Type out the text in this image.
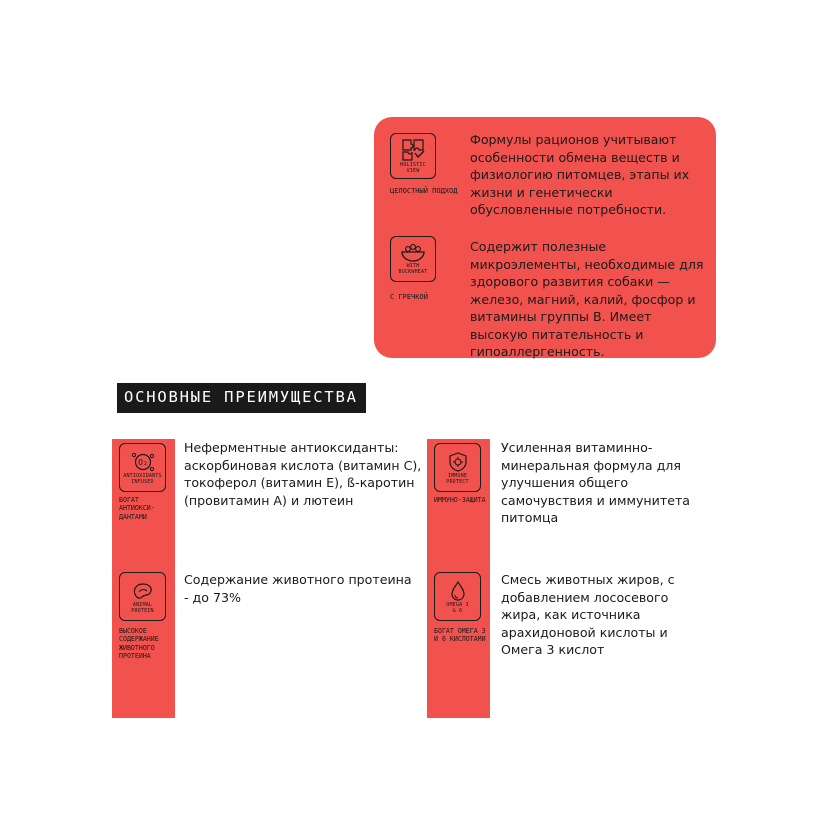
HOLISTIC VIEW
ЦЕЛОСТНЫЙ ПОДХОД
Формулы рационов учитывают особенности обмена веществ и физиологию питомцев, этапы их жизни и генетически обусловленные потребности.
WITH BUCKWHEAT
С ГРЕЧКОЙ
Содержит полезные микроэлементы, необходимые для здорового развития собаки — железо, магний, калий, фосфор и витамины группы В. Имеет высокую питательность и гипоаллергенность.
ОСНОВНЫЕ ПРЕИМУЩЕСТВА
O₂
ANTIOXIDANTS INFUSED
БОГАТ АНТИОКСИ-ДАНТАМИ
ANIMAL PROTEIN
ВЫСОКОЕ СОДЕРЖАНИЕ ЖИВОТНОГО ПРОТЕИНА
Неферментные антиоксиданты: аскорбиновая кислота (витамин С), токоферол (витамин Е), ß-каротин (провитамин А) и лютеин
Содержание животного протеина - до 73%
IMMUNE PROTECT
ИММУНО-ЗАЩИТА
OMEGA 3 & 6
БОГАТ ОМЕГА 3 И 6 КИСЛОТАМИ
Усиленная витаминно-минеральная формула для улучшения общего самочувствия и иммунитета питомца
Смесь животных жиров, с добавлением лососевого жира, как источника арахидоновой кислоты и Омега 3 кислот
